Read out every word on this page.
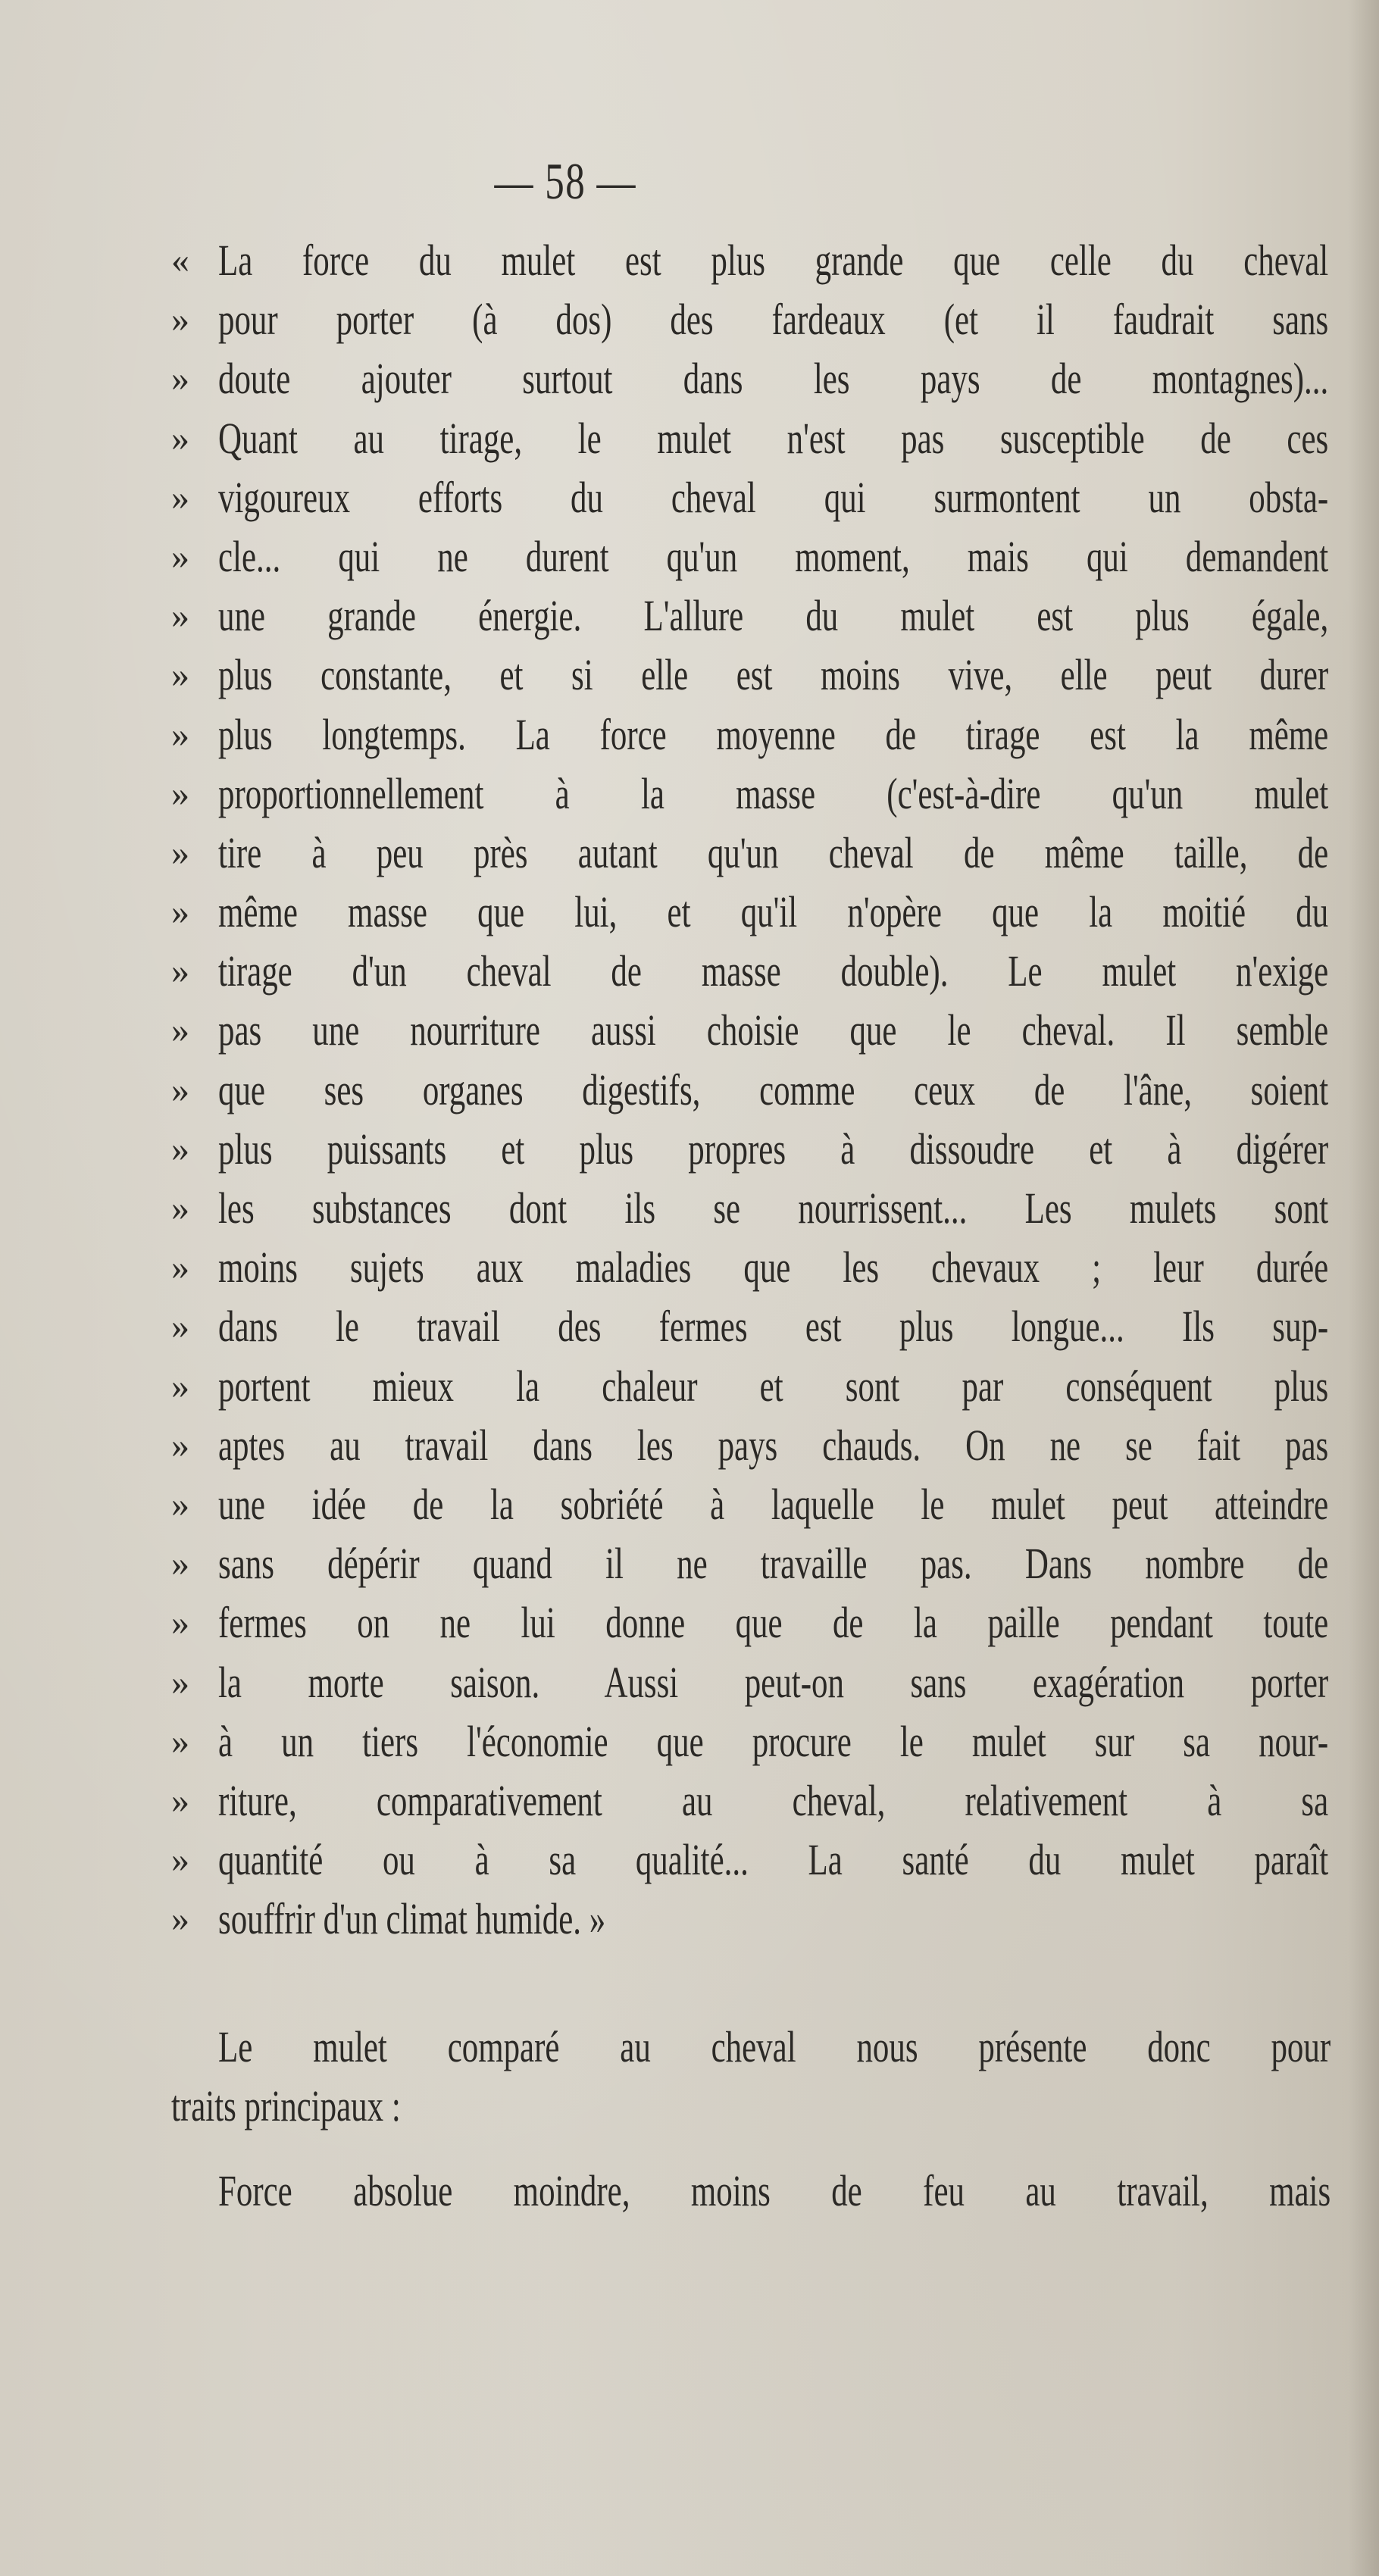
— 58 —
« La force du mulet est plus grande que celle du cheval
» pour porter (à dos) des fardeaux (et il faudrait sans
» doute ajouter surtout dans les pays de montagnes)...
» Quant au tirage, le mulet n'est pas susceptible de ces
» vigoureux efforts du cheval qui surmontent un obsta-
» cle... qui ne durent qu'un moment, mais qui demandent
» une grande énergie. L'allure du mulet est plus égale,
» plus constante, et si elle est moins vive, elle peut durer
» plus longtemps. La force moyenne de tirage est la même
» proportionnellement à la masse (c'est-à-dire qu'un mulet
» tire à peu près autant qu'un cheval de même taille, de
» même masse que lui, et qu'il n'opère que la moitié du
» tirage d'un cheval de masse double). Le mulet n'exige
» pas une nourriture aussi choisie que le cheval. Il semble
» que ses organes digestifs, comme ceux de l'âne, soient
» plus puissants et plus propres à dissoudre et à digérer
» les substances dont ils se nourrissent... Les mulets sont
» moins sujets aux maladies que les chevaux ; leur durée
» dans le travail des fermes est plus longue... Ils sup-
» portent mieux la chaleur et sont par conséquent plus
» aptes au travail dans les pays chauds. On ne se fait pas
» une idée de la sobriété à laquelle le mulet peut atteindre
» sans dépérir quand il ne travaille pas. Dans nombre de
» fermes on ne lui donne que de la paille pendant toute
» la morte saison. Aussi peut-on sans exagération porter
» à un tiers l'économie que procure le mulet sur sa nour-
» riture, comparativement au cheval, relativement à sa
» quantité ou à sa qualité... La santé du mulet paraît
» souffrir d'un climat humide. »
Le mulet comparé au cheval nous présente donc pour
traits principaux :
Force absolue moindre, moins de feu au travail, mais
